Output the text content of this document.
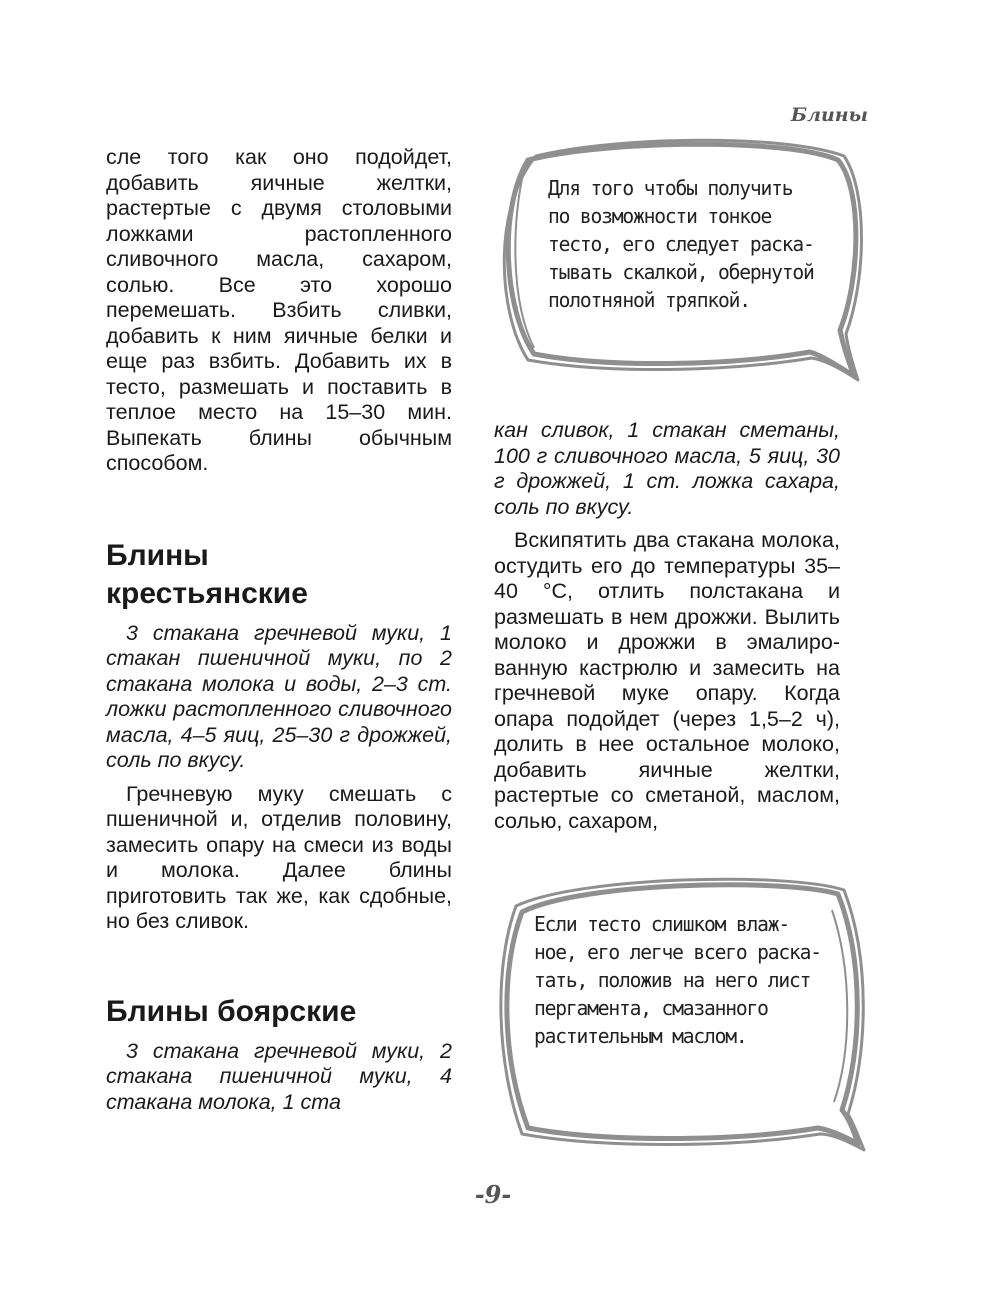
Блины

сле того как оно подойдет, добавить яичные желтки, растертые с двумя столовыми ложками растопленного сливочного масла, сахаром, солью. Все это хорошо перемешать. Взбить сливки, добавить к ним яичные белки и еще раз взбить. Добавить их в тесто, размешать и поставить в теплое место на 15–30 мин. Выпекать блины обычным способом.

Блины
крестьянские

3 стакана гречневой муки, 1 стакан пшеничной муки, по 2 стакана молока и воды, 2–3 ст. ложки растопленного сливочного масла, 4–5 яиц, 25–30 г дрожжей, соль по вкусу.

Гречневую муку смешать с пшеничной и, отделив половину, замесить опару на смеси из воды и молока. Далее блины приготовить так же, как сдобные, но без сливок.

Блины боярские

3 стакана гречневой муки, 2 стакана пшеничной муки, 4 стакана молока, 1 ста

кан сливок, 1 стакан сметаны, 100 г сливочного масла, 5 яиц, 30 г дрожжей, 1 ст. ложка сахара, соль по вкусу.

Вскипятить два стакана молока, остудить его до температуры 35–40 °С, отлить полстакана и размешать в нем дрожжи. Вылить молоко и дрожжи в эмалированную кастрюлю и замесить на гречневой муке опару. Когда опара подойдет (через 1,5–2 ч), долить в нее остальное молоко, добавить яичные желтки, растертые со сметаной, маслом, солью, сахаром,

Для того чтобы получить
по возможности тонкое
тесто, его следует раска-
тывать скалкой, обернутой
полотняной тряпкой.
Если тесто слишком влаж-
ное, его легче всего раска-
тать, положив на него лист
пергамента, смазанного
растительным маслом.
-9-
